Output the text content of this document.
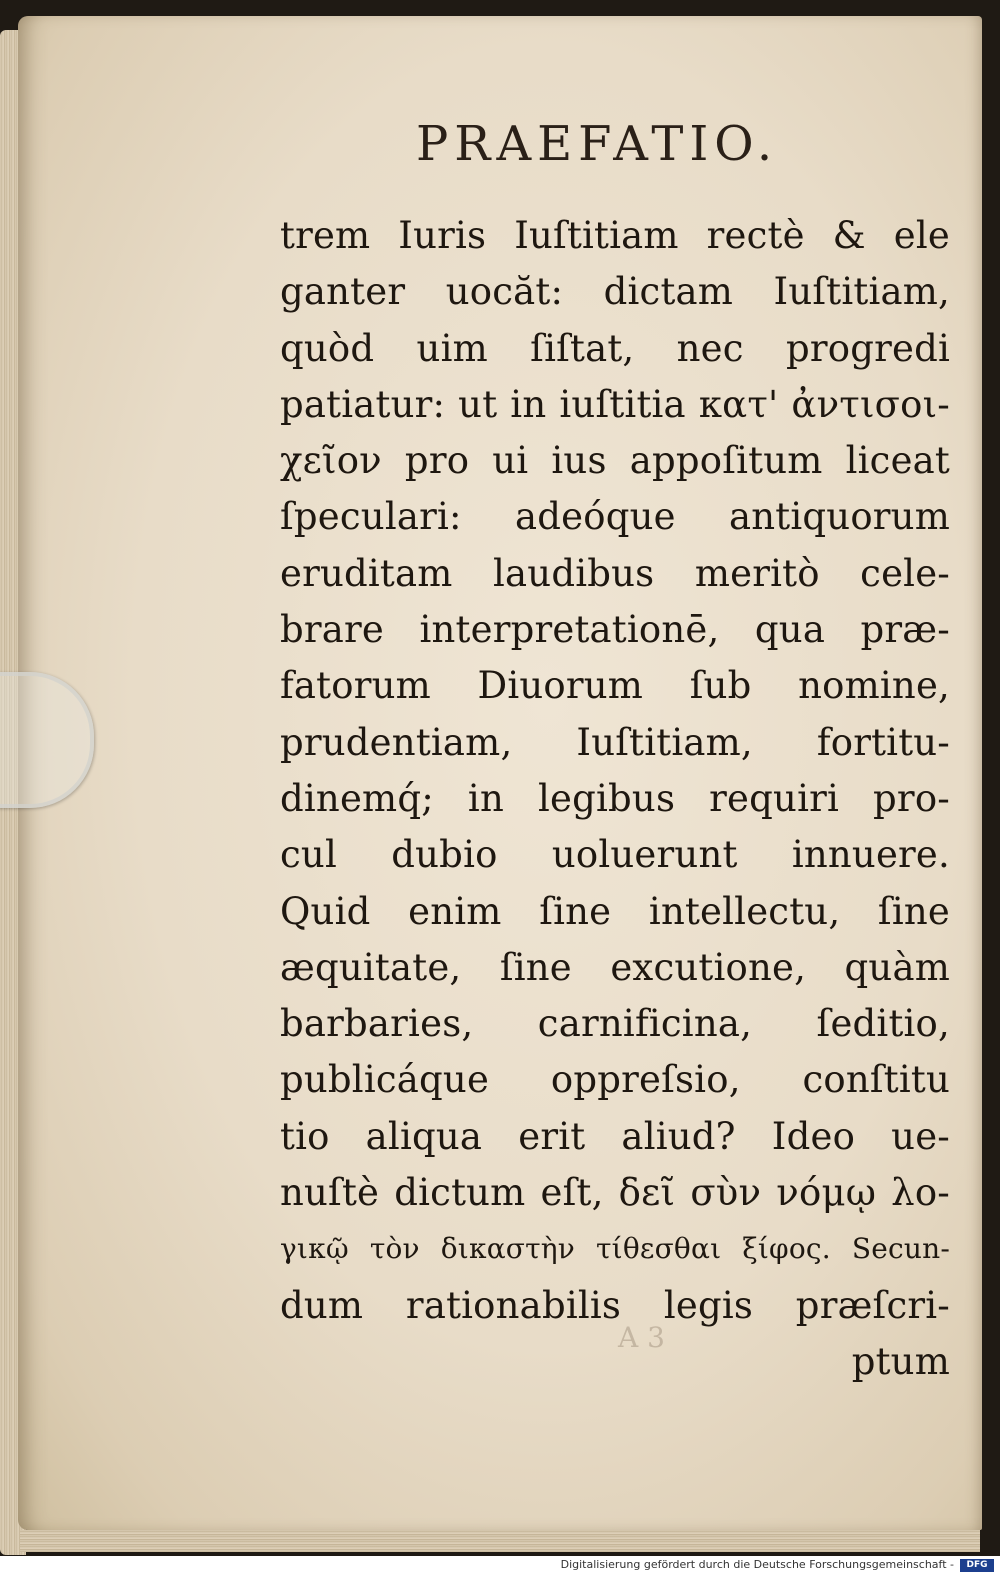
PRAEFATIO.
trem Iuris Iuſtitiam rectè & ele
ganter uocăt: dictam Iuſtitiam,
quòd uim ſiſtat, nec progredi
patiatur: ut in iuſtitia κατ' ἀντισοι-
χεῖον pro ui ius appoſitum liceat
ſpeculari: adeóque antiquorum
eruditam laudibus meritò cele-
brare interpretationē, qua præ-
fatorum Diuorum ſub nomine,
prudentiam, Iuſtitiam, fortitu-
dinemq́; in legibus requiri pro-
cul dubio uoluerunt innuere.
Quid enim ſine intellectu, ſine
æquitate, ſine excutione, quàm
barbaries, carnificina, ſeditio,
publicáque oppreſsio, conſtitu
tio aliqua erit aliud? Ideo ue-
nuſtè dictum eſt, δεῖ σὺν νόμῳ λο-
γικῷ τὸν δικαστὴν τίθεσθαι ξίφος. Secun-
dum rationabilis legis præſcri-
ptum
A 3
Digitalisierung gefördert durch die Deutsche Forschungsgemeinschaft -	DFG
